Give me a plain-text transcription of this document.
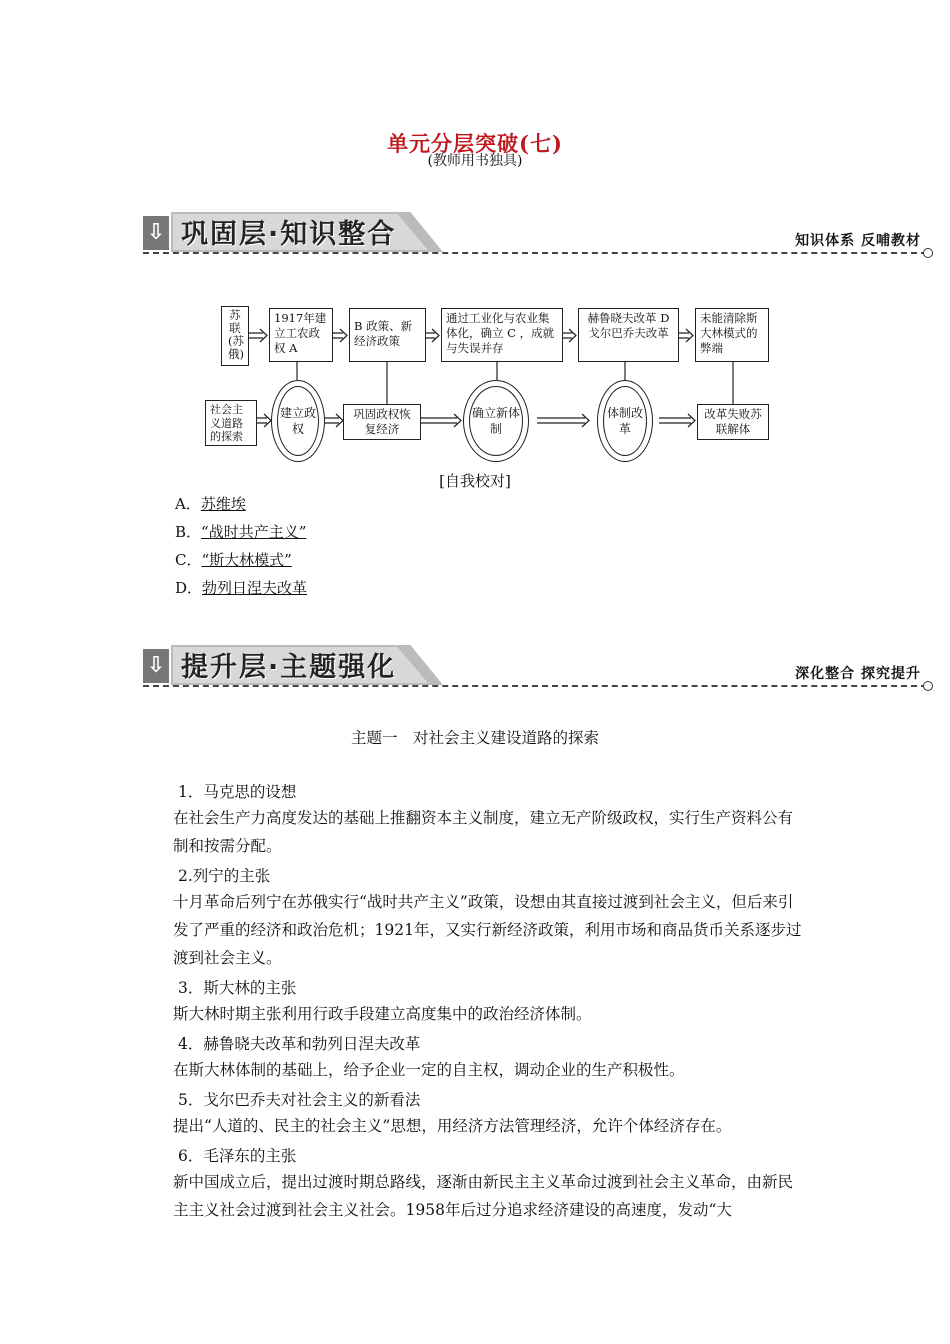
单元分层突破(七)
(教师用书独具)
⇩ 巩固层·知识整合	知识体系 反哺教材
苏联(苏俄)
社会主义道路的探索
1917年建立工农政权 A
B 政策、新经济政策
通过工业化与农业集体化，确立 C ，成就与失误并存
赫鲁晓夫改革 D 戈尔巴乔夫改革
未能清除斯大林模式的弊端
建立政权
巩固政权恢复经济
确立新体制
体制改革
改革失败苏联解体
[自我校对]
A．苏维埃
B．“战时共产主义”
C．“斯大林模式”
D．勃列日涅夫改革
⇩ 提升层·主题强化	深化整合 探究提升
主题一　对社会主义建设道路的探索
1．马克思的设想
在社会生产力高度发达的基础上推翻资本主义制度，建立无产阶级政权，实行生产资料公有制和按需分配。
2.列宁的主张
十月革命后列宁在苏俄实行“战时共产主义”政策，设想由其直接过渡到社会主义，但后来引发了严重的经济和政治危机；1921年，又实行新经济政策，利用市场和商品货币关系逐步过渡到社会主义。
3．斯大林的主张
斯大林时期主张利用行政手段建立高度集中的政治经济体制。
4．赫鲁晓夫改革和勃列日涅夫改革
在斯大林体制的基础上，给予企业一定的自主权，调动企业的生产积极性。
5．戈尔巴乔夫对社会主义的新看法
提出“人道的、民主的社会主义”思想，用经济方法管理经济，允许个体经济存在。
6．毛泽东的主张
新中国成立后，提出过渡时期总路线，逐渐由新民主主义革命过渡到社会主义革命，由新民主主义社会过渡到社会主义社会。1958年后过分追求经济建设的高速度，发动“大
